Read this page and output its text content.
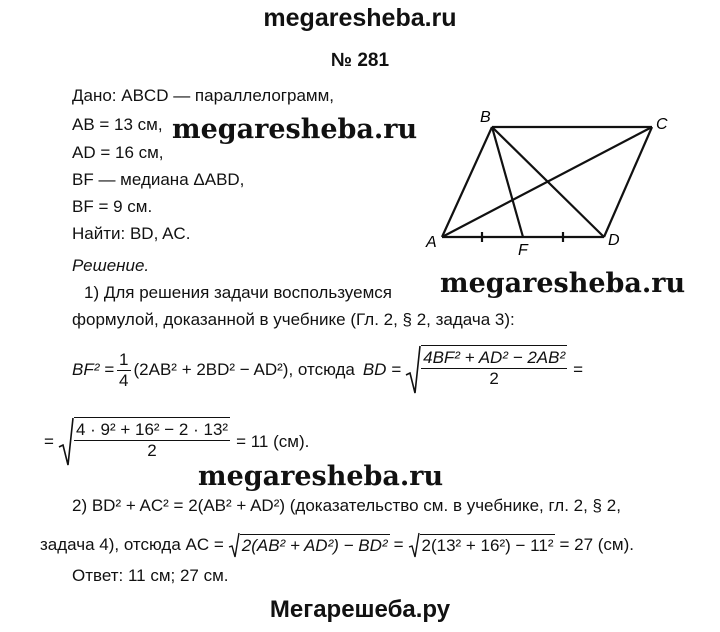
megaresheba.ru
№ 281
Дано: ABCD — параллелограмм,
AB = 13 см,
AD = 16 см,
BF — медиана ΔABD,
BF = 9 см.
Найти: BD, AC.
Решение.
megaresheba.ru
A
B	C
D
F
megaresheba.ru
1) Для решения задачи воспользуемся
формулой, доказанной в учебнике (Гл. 2, § 2, задача 3):
$BF^2 = \frac{1}{4} (2AB^2 + 2BD^2 - AD^2)$, отсюда BD = $\frac{\text{4BF² + AD² − 2AB²}}{2}$ =
= $\frac{\text{4 · 9² + 16² − 2 · 13²}}{2} = 11$ (см).
megaresheba.ru
2) BD² + AC² = 2(AB² + AD²) (доказательство см. в учебнике, гл. 2, § 2,
задача 4), отсюда AC = 2(AB² + AD²) − BD² = 2(13² + 16²) − 11² = 27 (см).
Ответ: 11 см; 27 см.
Мегарешеба.ру
